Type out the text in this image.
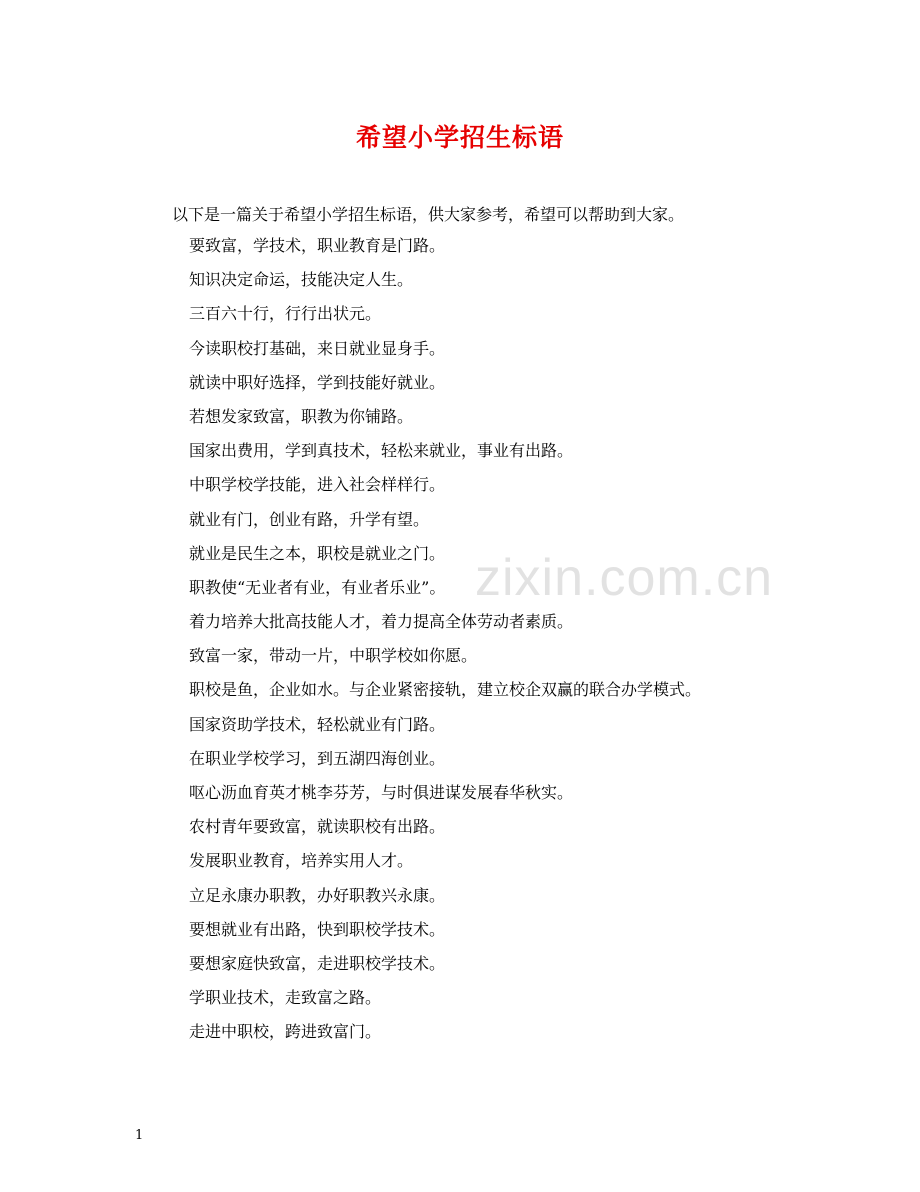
希望小学招生标语
以下是一篇关于希望小学招生标语，供大家参考，希望可以帮助到大家。
要致富，学技术，职业教育是门路。
知识决定命运，技能决定人生。
三百六十行，行行出状元。
今读职校打基础，来日就业显身手。
就读中职好选择，学到技能好就业。
若想发家致富，职教为你铺路。
国家出费用，学到真技术，轻松来就业，事业有出路。
中职学校学技能，进入社会样样行。
就业有门，创业有路，升学有望。
就业是民生之本，职校是就业之门。
职教使“无业者有业，有业者乐业”。
着力培养大批高技能人才，着力提高全体劳动者素质。
致富一家，带动一片，中职学校如你愿。
职校是鱼，企业如水。与企业紧密接轨，建立校企双赢的联合办学模式。
国家资助学技术，轻松就业有门路。
在职业学校学习，到五湖四海创业。
呕心沥血育英才桃李芬芳，与时俱进谋发展春华秋实。
农村青年要致富，就读职校有出路。
发展职业教育，培养实用人才。
立足永康办职教，办好职教兴永康。
要想就业有出路，快到职校学技术。
要想家庭快致富，走进职校学技术。
学职业技术，走致富之路。
走进中职校，跨进致富门。
zixin.com.cn
1
